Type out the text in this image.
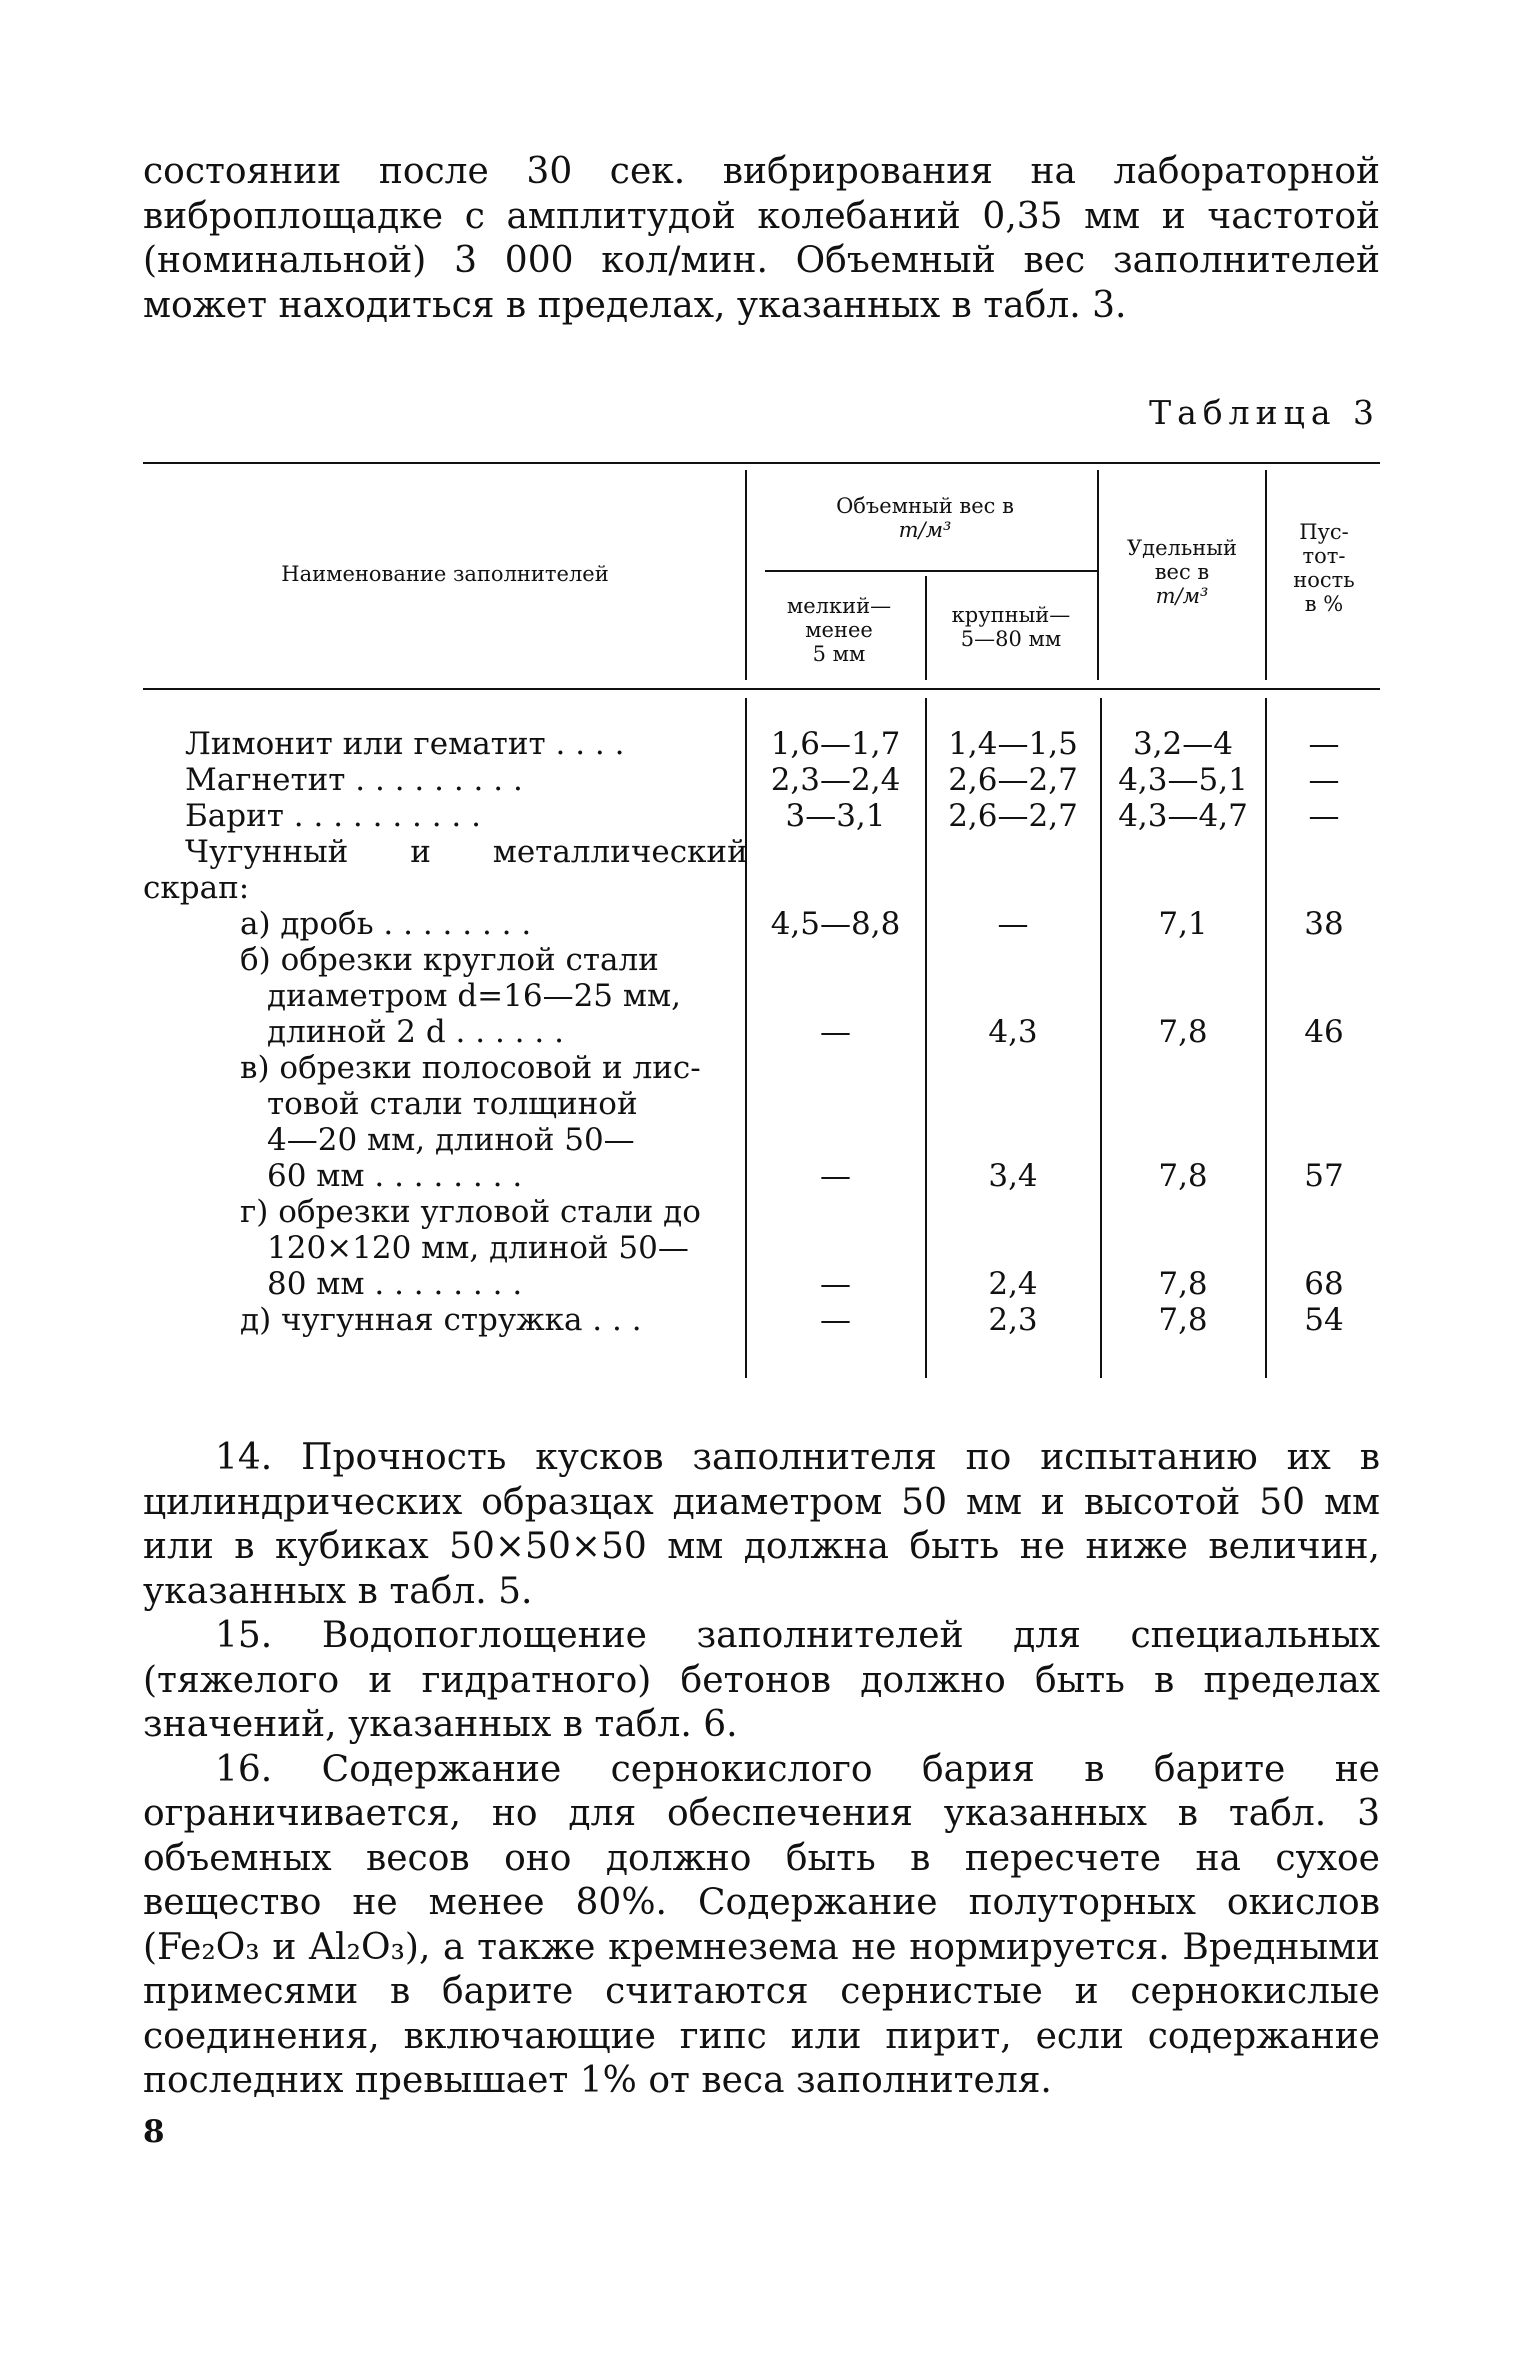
состоянии после 30 сек. вибрирования на лабораторной виброплощадке с амплитудой колебаний 0,35 мм и частотой (номинальной) 3 000 кол/мин. Объемный вес заполнителей может находиться в пределах, указанных в табл. 3.

Таблица 3
Наименование заполнителей
Объемный вес в
т/м³
мелкий—
менее
5 мм
крупный—
5—80 мм
Удельный
вес в
т/м³
Пус-
тот-
ность
в %
Лимонит или гематит . . . .	1,6—1,7	1,4—1,5	3,2—4	—
Магнетит . . . . . . . . .	2,3—2,4	2,6—2,7	4,3—5,1	—
Барит . . . . . . . . . .	3—3,1	2,6—2,7	4,3—4,7	—
Чугунный и металлический
скрап:
а) дробь . . . . . . . .	4,5—8,8	—	7,1	38
б) обрезки круглой стали
диаметром d=16—25 мм,
длиной 2 d . . . . . .	—	4,3	7,8	46
в) обрезки полосовой и лис-
товой стали толщиной
4—20 мм, длиной 50—
60 мм . . . . . . . .	—	3,4	7,8	57
г) обрезки угловой стали до
120×120 мм, длиной 50—
80 мм . . . . . . . .	—	2,4	7,8	68
д) чугунная стружка . . .	—	2,3	7,8	54

14. Прочность кусков заполнителя по испытанию их в цилиндрических образцах диаметром 50 мм и высотой 50 мм или в кубиках 50×50×50 мм должна быть не ниже величин, указанных в табл. 5.

15. Водопоглощение заполнителей для специальных (тяжелого и гидратного) бетонов должно быть в пределах значений, указанных в табл. 6.

16. Содержание сернокислого бария в барите не ограничивается, но для обеспечения указанных в табл. 3 объемных весов оно должно быть в пересчете на сухое вещество не менее 80%. Содержание полуторных окислов (Fe₂O₃ и Al₂O₃), а также кремнезема не нормируется. Вредными примесями в барите считаются сернистые и сернокислые соединения, включающие гипс или пирит, если содержание последних превышает 1% от веса заполнителя.

8
